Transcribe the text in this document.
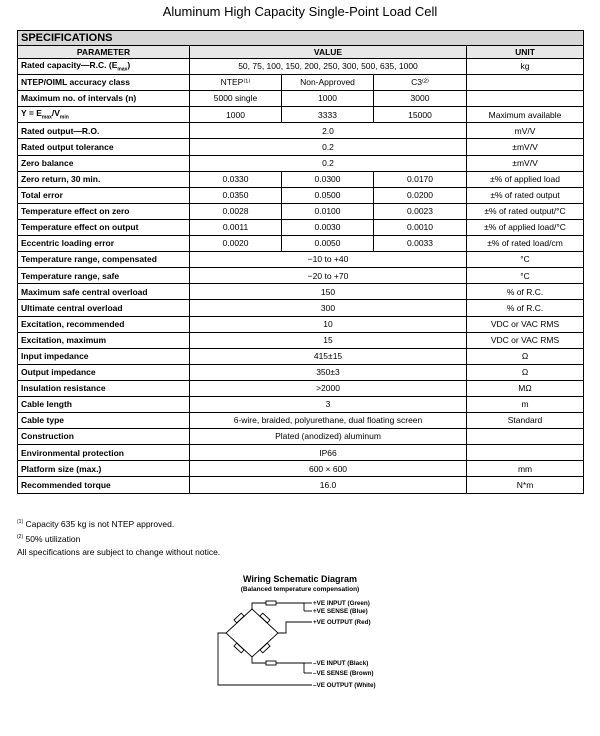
Aluminum High Capacity Single-Point Load Cell
SPECIFICATIONS				
PARAMETER	VALUE			UNIT
Rated capacity—R.C. $(E_{max})$	50, 75, 100, 150, 200, 250, 300, 500, 635, 1000			kg
NTEP/OIML accuracy class	NTEP⁽¹⁾	Non-Approved	C3⁽²⁾	
Maximum no. of intervals (n)	5000 single	1000	3000	
$Y = E_{max}/V_{min}$	1000	3333	15000	Maximum available
Rated output—R.O.	2.0			mV/V
Rated output tolerance	0.2			±mV/V
Zero balance	0.2			±mV/V
Zero return, 30 min.	0.0330	0.0300	0.0170	±% of applied load
Total error	0.0350	0.0500	0.0200	±% of rated output
Temperature effect on zero	0.0028	0.0100	0.0023	±% of rated output/°C
Temperature effect on output	0.0011	0.0030	0.0010	±% of applied load/°C
Eccentric loading error	0.0020	0.0050	0.0033	±% of rated load/cm
Temperature range, compensated	−10 to +40			°C
Temperature range, safe	−20 to +70			°C
Maximum safe central overload	150			% of R.C.
Ultimate central overload	300			% of R.C.
Excitation, recommended	10			VDC or VAC RMS
Excitation, maximum	15			VDC or VAC RMS
Input impedance	415±15			Ω
Output impedance	350±3			Ω
Insulation resistance	>2000			MΩ
Cable length	3			m
Cable type	6-wire, braided, polyurethane, dual floating screen			Standard
Construction	Plated (anodized) aluminum			
Environmental protection	IP66			
Platform size (max.)	600 × 600			mm
Recommended torque	16.0			N*m
$^{(1)}$ Capacity 635 kg is not NTEP approved.
$^{(2)}$ 50% utilization
All specifications are subject to change without notice.
Wiring Schematic Diagram
(Balanced temperature compensation)
+VE INPUT (Green)
+VE SENSE (Blue)
+VE OUTPUT (Red)
–VE INPUT (Black)
–VE SENSE (Brown)
–VE OUTPUT (White)
